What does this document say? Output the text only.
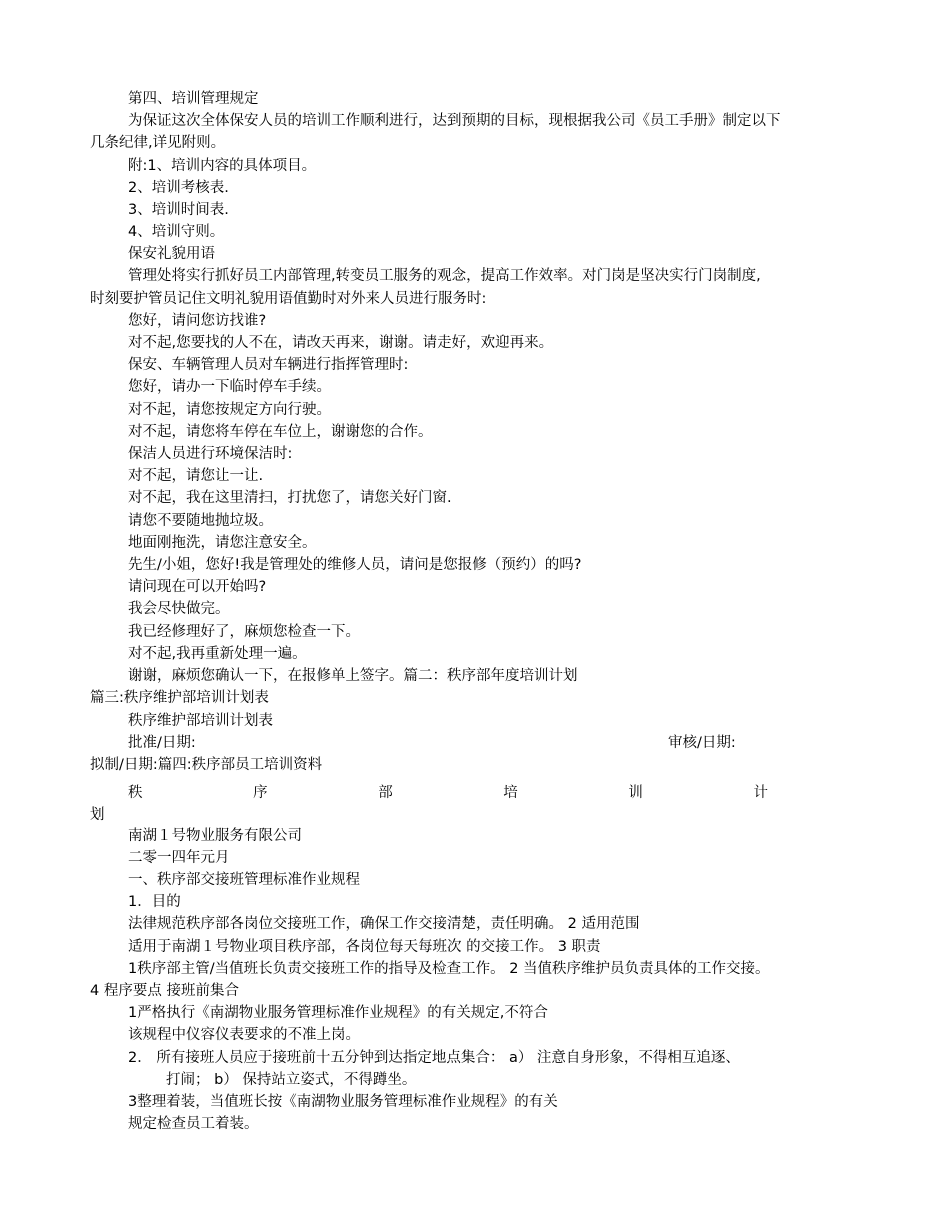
第四、培训管理规定
为保证这次全体保安人员的培训工作顺利进行，达到预期的目标，现根据我公司《员工手册》制定以下
几条纪律,详见附则。
附:1、培训内容的具体项目。
2、培训考核表.
3、培训时间表.
4、培训守则。
保安礼貌用语
管理处将实行抓好员工内部管理,转变员工服务的观念，提高工作效率。对门岗是坚决实行门岗制度,
时刻要护管员记住文明礼貌用语值勤时对外来人员进行服务时:
您好，请问您访找谁?
对不起,您要找的人不在，请改天再来，谢谢。请走好，欢迎再来。
保安、车辆管理人员对车辆进行指挥管理时:
您好，请办一下临时停车手续。
对不起，请您按规定方向行驶。
对不起，请您将车停在车位上，谢谢您的合作。
保洁人员进行环境保洁时:
对不起，请您让一让.
对不起，我在这里清扫，打扰您了，请您关好门窗.
请您不要随地抛垃圾。
地面刚拖洗，请您注意安全。
先生/小姐，您好!我是管理处的维修人员，请问是您报修（预约）的吗?
请问现在可以开始吗?
我会尽快做完。
我已经修理好了，麻烦您检查一下。
对不起,我再重新处理一遍。
谢谢，麻烦您确认一下，在报修单上签字。篇二：秩序部年度培训计划
篇三:秩序维护部培训计划表
秩序维护部培训计划表
批准/日期:	审核/日期:
拟制/日期:篇四:秩序部员工培训资料
秩	序	部	培	训	计
划
南湖１号物业服务有限公司
二零一四年元月
一、秩序部交接班管理标准作业规程
1．目的
法律规范秩序部各岗位交接班工作，确保工作交接清楚，责任明确。 2 适用范围
适用于南湖１号物业项目秩序部，各岗位每天每班次 的交接工作。 3 职责
1秩序部主管/当值班长负责交接班工作的指导及检查工作。 2 当值秩序维护员负责具体的工作交接。
4 程序要点 接班前集合
1严格执行《南湖物业服务管理标准作业规程》的有关规定,不符合
该规程中仪容仪表要求的不准上岗。
2． 所有接班人员应于接班前十五分钟到达指定地点集合： a） 注意自身形象，不得相互追逐、
打闹； b） 保持站立姿式，不得蹲坐。
3整理着装，当值班长按《南湖物业服务管理标准作业规程》的有关
规定检查员工着装。
